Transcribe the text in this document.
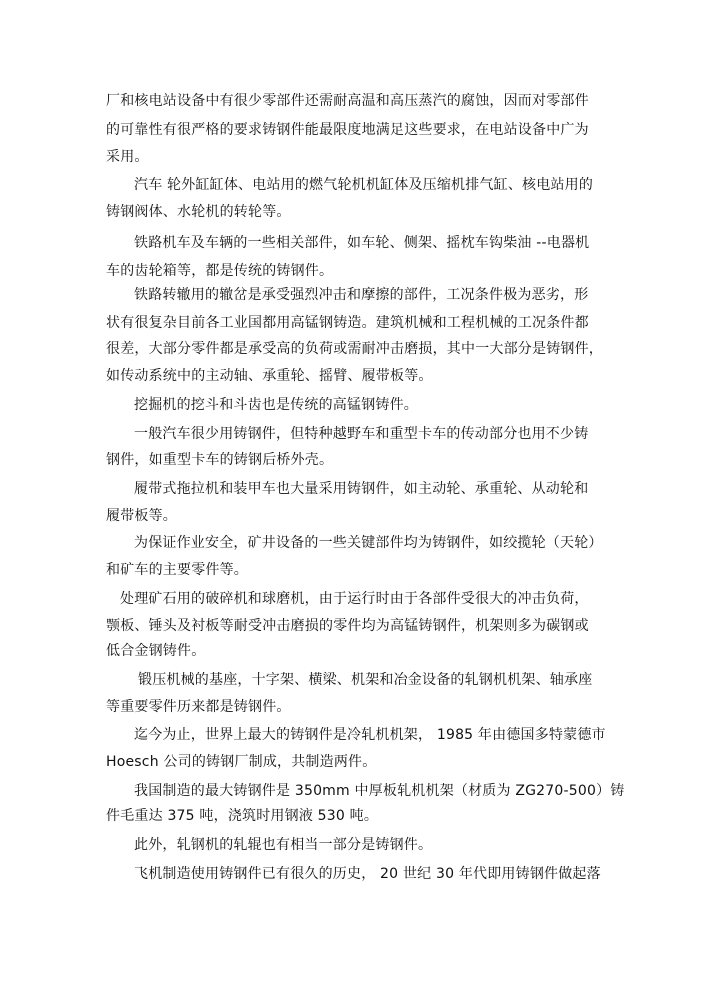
厂和核电站设备中有很少零部件还需耐高温和高压蒸汽的腐蚀，因而对零部件
的可靠性有很严格的要求铸钢件能最限度地满足这些要求，在电站设备中广为
采用。
汽车 轮外缸缸体、电站用的燃气轮机机缸体及压缩机排气缸、核电站用的
铸钢阀体、水轮机的转轮等。
铁路机车及车辆的一些相关部件，如车轮、侧架、摇枕车钩柴油 --电器机
车的齿轮箱等，都是传统的铸钢件。
铁路转辙用的辙岔是承受强烈冲击和摩擦的部件，工况条件极为恶劣，形
状有很复杂目前各工业国都用高锰钢铸造。建筑机械和工程机械的工况条件都
很差，大部分零件都是承受高的负荷或需耐冲击磨损，其中一大部分是铸钢件，
如传动系统中的主动轴、承重轮、摇臂、履带板等。
挖掘机的挖斗和斗齿也是传统的高锰钢铸件。
一般汽车很少用铸钢件，但特种越野车和重型卡车的传动部分也用不少铸
钢件，如重型卡车的铸钢后桥外壳。
履带式拖拉机和装甲车也大量采用铸钢件，如主动轮、承重轮、从动轮和
履带板等。
为保证作业安全，矿井设备的一些关键部件均为铸钢件，如绞揽轮（天轮）
和矿车的主要零件等。
处理矿石用的破碎机和球磨机，由于运行时由于各部件受很大的冲击负荷，
颚板、锤头及衬板等耐受冲击磨损的零件均为高锰铸钢件，机架则多为碳钢或
低合金钢铸件。
锻压机械的基座，十字架、横梁、机架和冶金设备的轧钢机机架、轴承座
等重要零件历来都是铸钢件。
迄今为止，世界上最大的铸钢件是冷轧机机架， 1985 年由德国多特蒙德市
Hoesch 公司的铸钢厂制成，共制造两件。
我国制造的最大铸钢件是 350mm 中厚板轧机机架（材质为 ZG270-500）铸
件毛重达 375 吨，浇筑时用钢液 530 吨。
此外，轧钢机的轧辊也有相当一部分是铸钢件。
飞机制造使用铸钢件已有很久的历史， 20 世纪 30 年代即用铸钢件做起落
